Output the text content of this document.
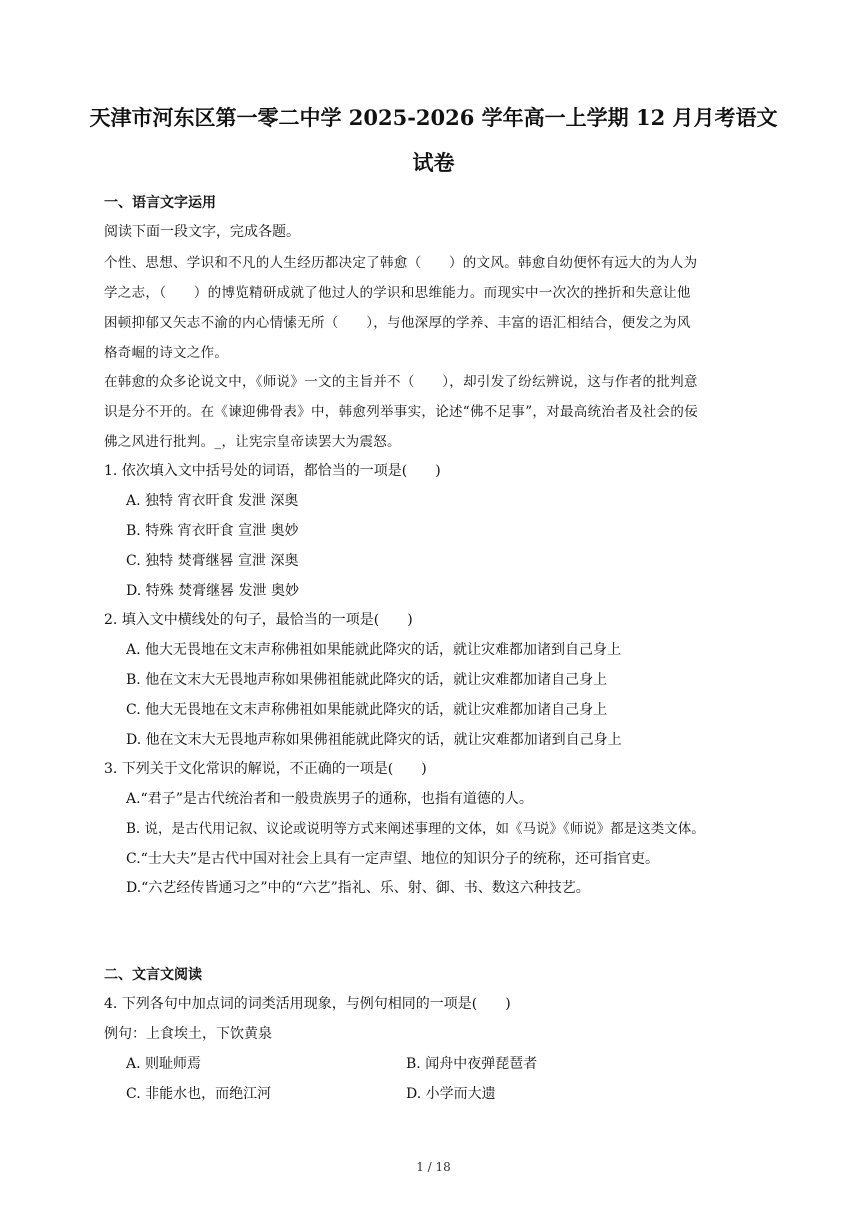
天津市河东区第一零二中学 2025-2026 学年高一上学期 12 月月考语文
试卷
一、语言文字运用
阅读下面一段文字，完成各题。
个性、思想、学识和不凡的人生经历都决定了韩愈（　　）的文风。韩愈自幼便怀有远大的为人为
学之志，（　　）的博览精研成就了他过人的学识和思维能力。而现实中一次次的挫折和失意让他
困顿抑郁又矢志不渝的内心情愫无所（　　），与他深厚的学养、丰富的语汇相结合，便发之为风
格奇崛的诗文之作。
在韩愈的众多论说文中，《师说》一文的主旨并不（　　），却引发了纷纭辨说，这与作者的批判意
识是分不开的。在《谏迎佛骨表》中，韩愈列举事实，论述“佛不足事”，对最高统治者及社会的佞
佛之风进行批判。_，让宪宗皇帝读罢大为震怒。
1. 依次填入文中括号处的词语，都恰当的一项是(　　)
A. 独特 宵衣旰食 发泄 深奥
B. 特殊 宵衣旰食 宣泄 奥妙
C. 独特 焚膏继晷 宣泄 深奥
D. 特殊 焚膏继晷 发泄 奥妙
2. 填入文中横线处的句子，最恰当的一项是(　　)
A. 他大无畏地在文末声称佛祖如果能就此降灾的话，就让灾难都加诸到自己身上
B. 他在文末大无畏地声称如果佛祖能就此降灾的话，就让灾难都加诸自己身上
C. 他大无畏地在文末声称佛祖如果能就此降灾的话，就让灾难都加诸自己身上
D. 他在文末大无畏地声称如果佛祖能就此降灾的话，就让灾难都加诸到自己身上
3. 下列关于文化常识的解说，不正确的一项是(　　)
A.“君子”是古代统治者和一般贵族男子的通称，也指有道德的人。
B. 说，是古代用记叙、议论或说明等方式来阐述事理的文体，如《马说》《师说》都是这类文体。
C.“士大夫”是古代中国对社会上具有一定声望、地位的知识分子的统称，还可指官吏。
D.“六艺经传皆通习之”中的“六艺”指礼、乐、射、御、书、数这六种技艺。
二、文言文阅读
4. 下列各句中加点词的词类活用现象，与例句相同的一项是(　　)
例句：上食埃土，下饮黄泉
A. 则耻师焉	B. 闻舟中夜弹琵琶者
C. 非能水也，而绝江河	D. 小学而大遗
1 / 18
